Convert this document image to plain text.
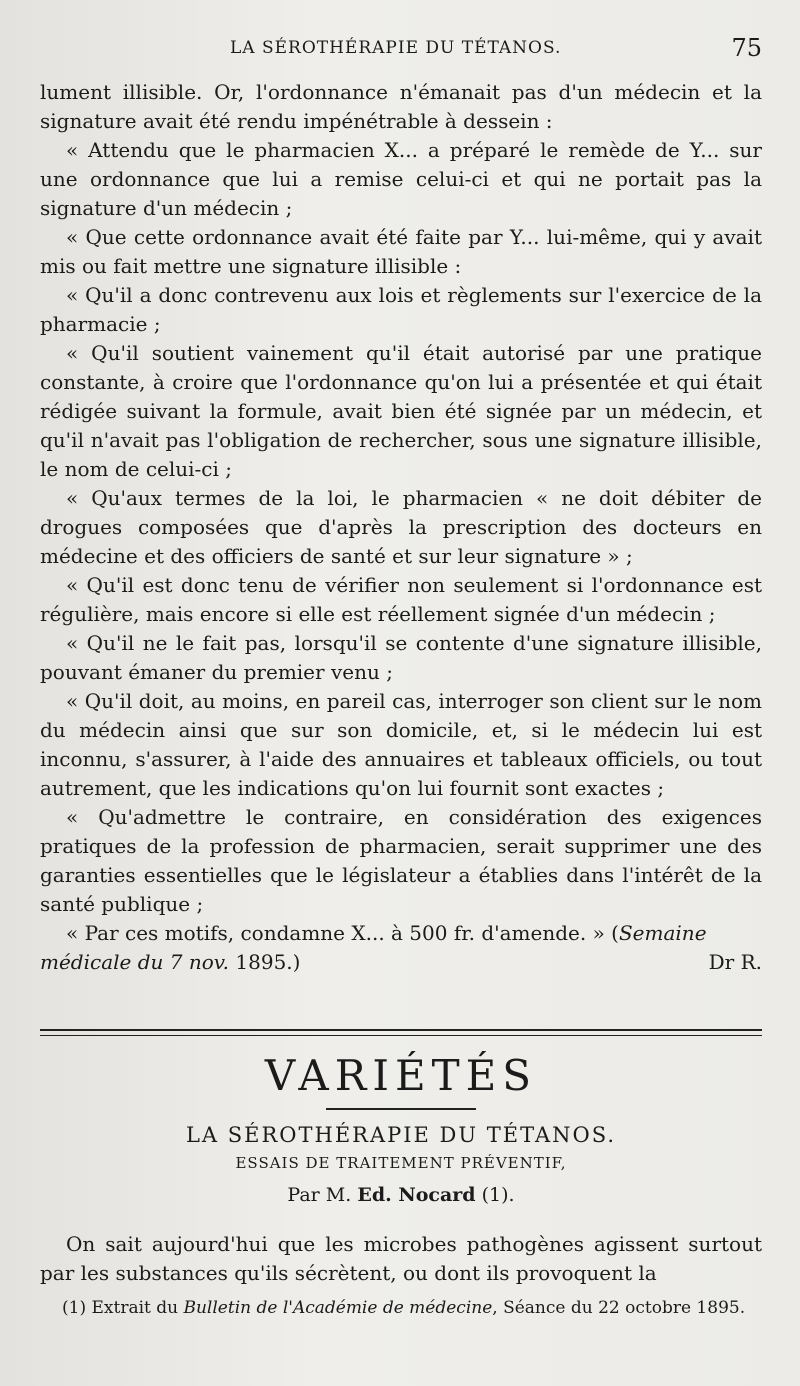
LA SÉROTHÉRAPIE DU TÉTANOS.	75

lument illisible. Or, l'ordonnance n'émanait pas d'un médecin et la signature avait été rendu impénétrable à dessein :

« Attendu que le pharmacien X... a préparé le remède de Y... sur une ordonnance que lui a remise celui-ci et qui ne portait pas la signature d'un médecin ;

« Que cette ordonnance avait été faite par Y... lui-même, qui y avait mis ou fait mettre une signature illisible :

« Qu'il a donc contrevenu aux lois et règlements sur l'exercice de la pharmacie ;

« Qu'il soutient vainement qu'il était autorisé par une pratique constante, à croire que l'ordonnance qu'on lui a présentée et qui était rédigée suivant la formule, avait bien été signée par un médecin, et qu'il n'avait pas l'obligation de rechercher, sous une signature illisible, le nom de celui-ci ;

« Qu'aux termes de la loi, le pharmacien « ne doit débiter de drogues composées que d'après la prescription des docteurs en médecine et des officiers de santé et sur leur signature » ;

« Qu'il est donc tenu de vérifier non seulement si l'ordonnance est régulière, mais encore si elle est réellement signée d'un médecin ;

« Qu'il ne le fait pas, lorsqu'il se contente d'une signature illisible, pouvant émaner du premier venu ;

« Qu'il doit, au moins, en pareil cas, interroger son client sur le nom du médecin ainsi que sur son domicile, et, si le médecin lui est inconnu, s'assurer, à l'aide des annuaires et tableaux officiels, ou tout autrement, que les indications qu'on lui fournit sont exactes ;

« Qu'admettre le contraire, en considération des exigences pratiques de la profession de pharmacien, serait supprimer une des garanties essentielles que le législateur a établies dans l'intérêt de la santé publique ;

« Par ces motifs, condamne X... à 500 fr. d'amende. » (Semaine médicale du 7 nov. 1895.)	Dr R.

VARIÉTÉS
LA SÉROTHÉRAPIE DU TÉTANOS.
ESSAIS DE TRAITEMENT PRÉVENTIF,
Par M. Ed. Nocard (1).

On sait aujourd'hui que les microbes pathogènes agissent surtout par les substances qu'ils sécrètent, ou dont ils provoquent la

(1) Extrait du Bulletin de l'Académie de médecine, Séance du 22 octobre 1895.
